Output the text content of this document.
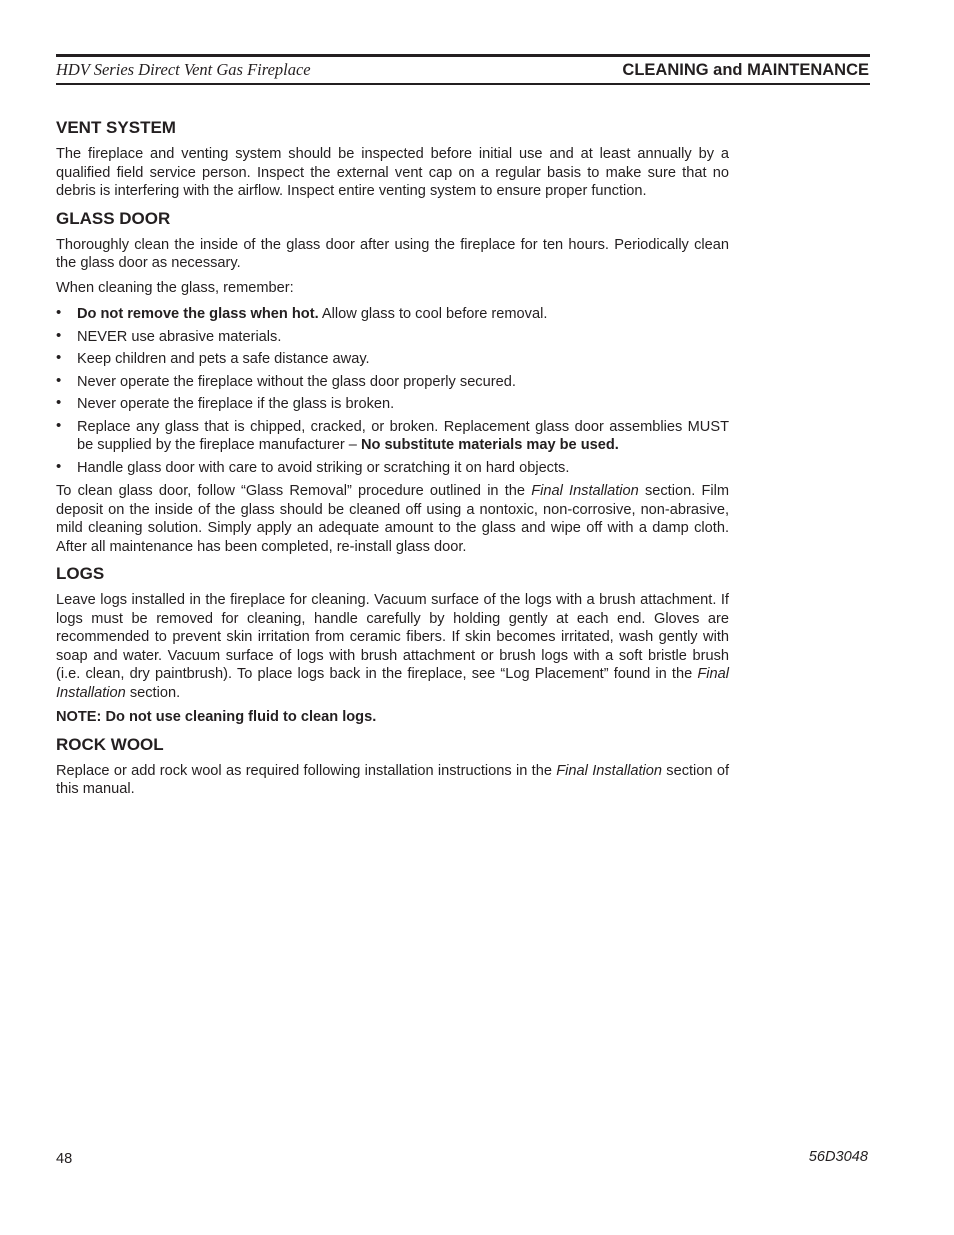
HDV Series Direct Vent Gas Fireplace	CLEANING and MAINTENANCE
VENT SYSTEM

The fireplace and venting system should be inspected before initial use and at least annually by a qualified field service person. Inspect the external vent cap on a regular basis to make sure that no debris is interfering with the airflow. Inspect entire venting system to ensure proper function.

GLASS DOOR

Thoroughly clean the inside of the glass door after using the fireplace for ten hours. Periodically clean the glass door as necessary.

When cleaning the glass, remember:

• Do not remove the glass when hot. Allow glass to cool before removal.
• NEVER use abrasive materials.
• Keep children and pets a safe distance away.
• Never operate the fireplace without the glass door properly secured.
• Never operate the fireplace if the glass is broken.
• Replace any glass that is chipped, cracked, or broken. Replacement glass door assemblies MUST be supplied by the fireplace manufacturer – No substitute materials may be used.
• Handle glass door with care to avoid striking or scratching it on hard objects.

To clean glass door, follow “Glass Removal” procedure outlined in the Final Installation section. Film deposit on the inside of the glass should be cleaned off using a nontoxic, non-corrosive, non-abrasive, mild cleaning solution. Simply apply an adequate amount to the glass and wipe off with a damp cloth. After all maintenance has been completed, re-install glass door.

LOGS

Leave logs installed in the fireplace for cleaning. Vacuum surface of the logs with a brush attachment. If logs must be removed for cleaning, handle carefully by holding gently at each end. Gloves are recommended to prevent skin irritation from ceramic fibers. If skin becomes irritated, wash gently with soap and water. Vacuum surface of logs with brush attachment or brush logs with a soft bristle brush (i.e. clean, dry paintbrush). To place logs back in the fireplace, see “Log Placement” found in the Final Installation section.

NOTE: Do not use cleaning fluid to clean logs.
ROCK WOOL

Replace or add rock wool as required following installation instructions in the Final Installation section of this manual.

48	56D3048
